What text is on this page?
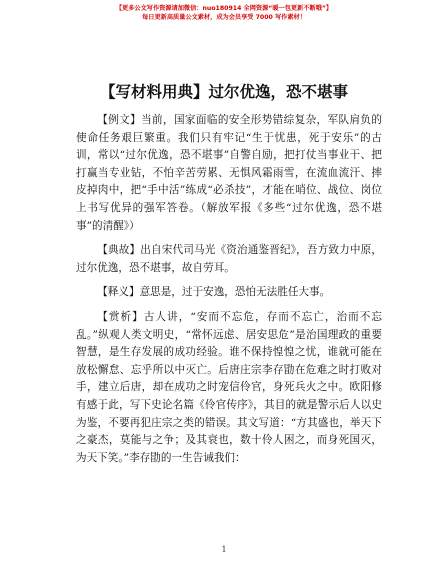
【更多公文写作资源请加微信：nuo180914 全网资源“暖一包更新不断哦”】
每日更新高质量公文素材，成为会员享受 7000 写作素材！
【写材料用典】过尔优逸，恐不堪事

【例文】当前，国家面临的安全形势错综复杂，军队肩负的使命任务艰巨繁重。我们只有牢记“生于忧患，死于安乐”的古训，常以“过尔优逸，恐不堪事”自警自励，把打仗当事业干、把打赢当专业钻，不怕辛苦劳累、无惧风霜雨雪，在流血流汗、摔皮掉肉中，把“手中活”练成“必杀技”，才能在哨位、战位、岗位上书写优异的强军答卷。（解放军报《多些“过尔优逸，恐不堪事”的清醒》）

【典故】出自宋代司马光《资治通鉴晋纪》，吾方致力中原，过尔优逸，恐不堪事，故自劳耳。

【释义】意思是，过于安逸，恐怕无法胜任大事。

【赏析】古人讲，“安而不忘危，存而不忘亡，治而不忘乱。”纵观人类文明史，“常怀远虑、居安思危”是治国理政的重要智慧，是生存发展的成功经验。谁不保持惶惶之忧，谁就可能在放松懈怠、忘乎所以中灭亡。后唐庄宗李存勖在危难之时打败对手，建立后唐，却在成功之时宠信伶官，身死兵火之中。欧阳修有感于此，写下史论名篇《伶官传序》，其目的就是警示后人以史为鉴，不要再犯庄宗之类的错误。其文写道：“方其盛也，举天下之豪杰，莫能与之争；及其衰也，数十伶人困之，而身死国灭，为天下笑。”李存勖的一生告诫我们：

1
